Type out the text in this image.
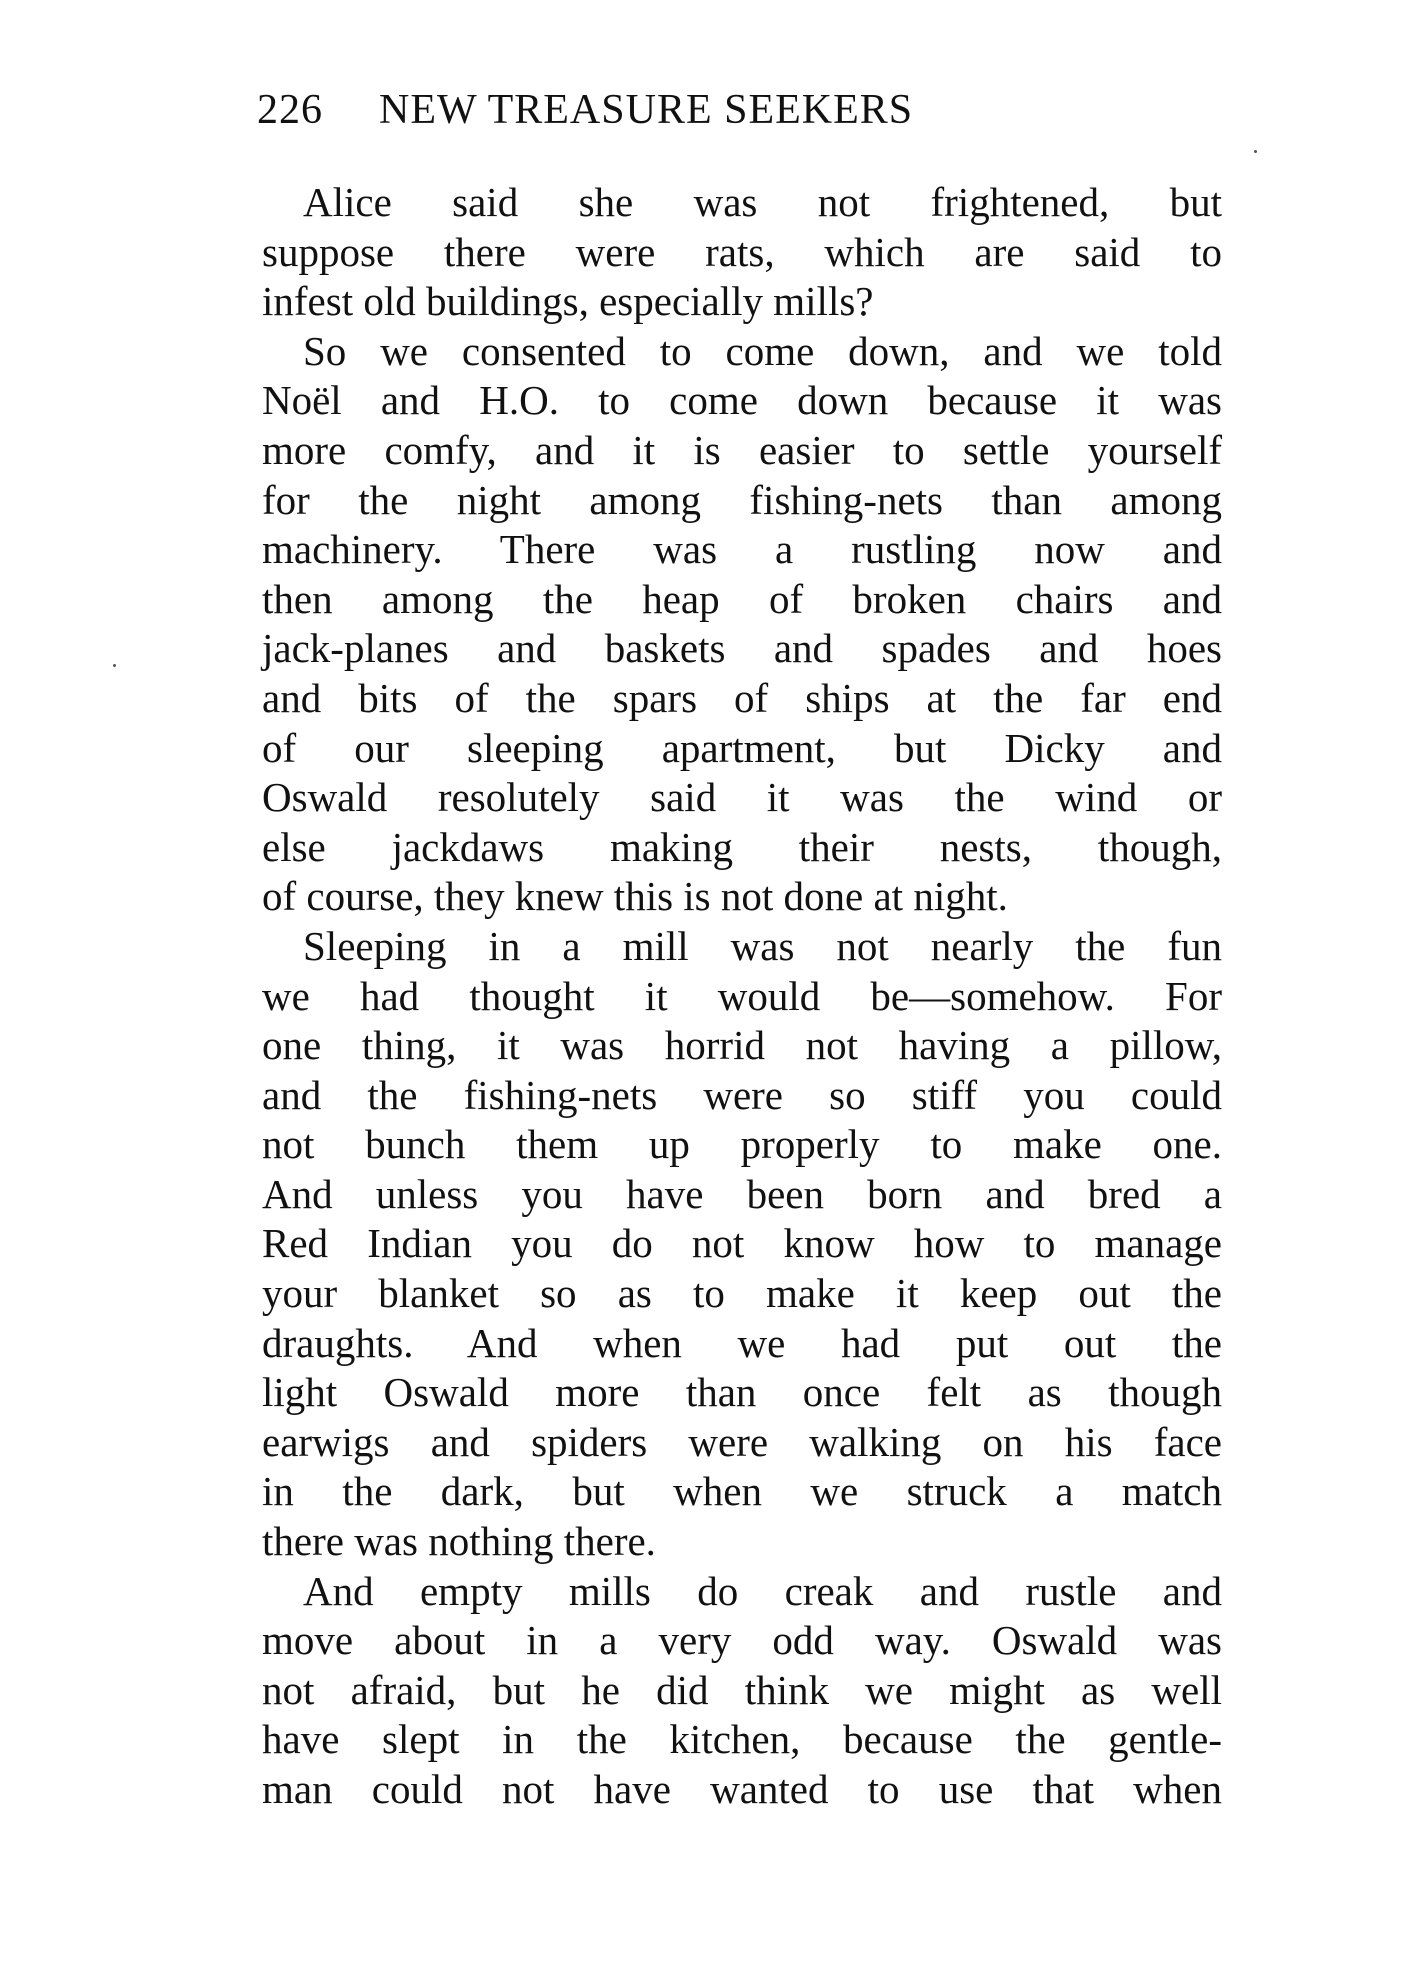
226 NEW TREASURE SEEKERS
 Alice said she was not frightened, but
suppose there were rats, which are said to
infest old buildings, especially mills?
 So we consented to come down, and we told
Noël and H.O. to come down because it was
more comfy, and it is easier to settle yourself
for the night among fishing-nets than among
machinery. There was a rustling now and
then among the heap of broken chairs and
jack-planes and baskets and spades and hoes
and bits of the spars of ships at the far end
of our sleeping apartment, but Dicky and
Oswald resolutely said it was the wind or
else jackdaws making their nests, though,
of course, they knew this is not done at night.
 Sleeping in a mill was not nearly the fun
we had thought it would be—somehow. For
one thing, it was horrid not having a pillow,
and the fishing-nets were so stiff you could
not bunch them up properly to make one.
And unless you have been born and bred a
Red Indian you do not know how to manage
your blanket so as to make it keep out the
draughts. And when we had put out the
light Oswald more than once felt as though
earwigs and spiders were walking on his face
in the dark, but when we struck a match
there was nothing there.
 And empty mills do creak and rustle and
move about in a very odd way. Oswald was
not afraid, but he did think we might as well
have slept in the kitchen, because the gentle-
man could not have wanted to use that when
